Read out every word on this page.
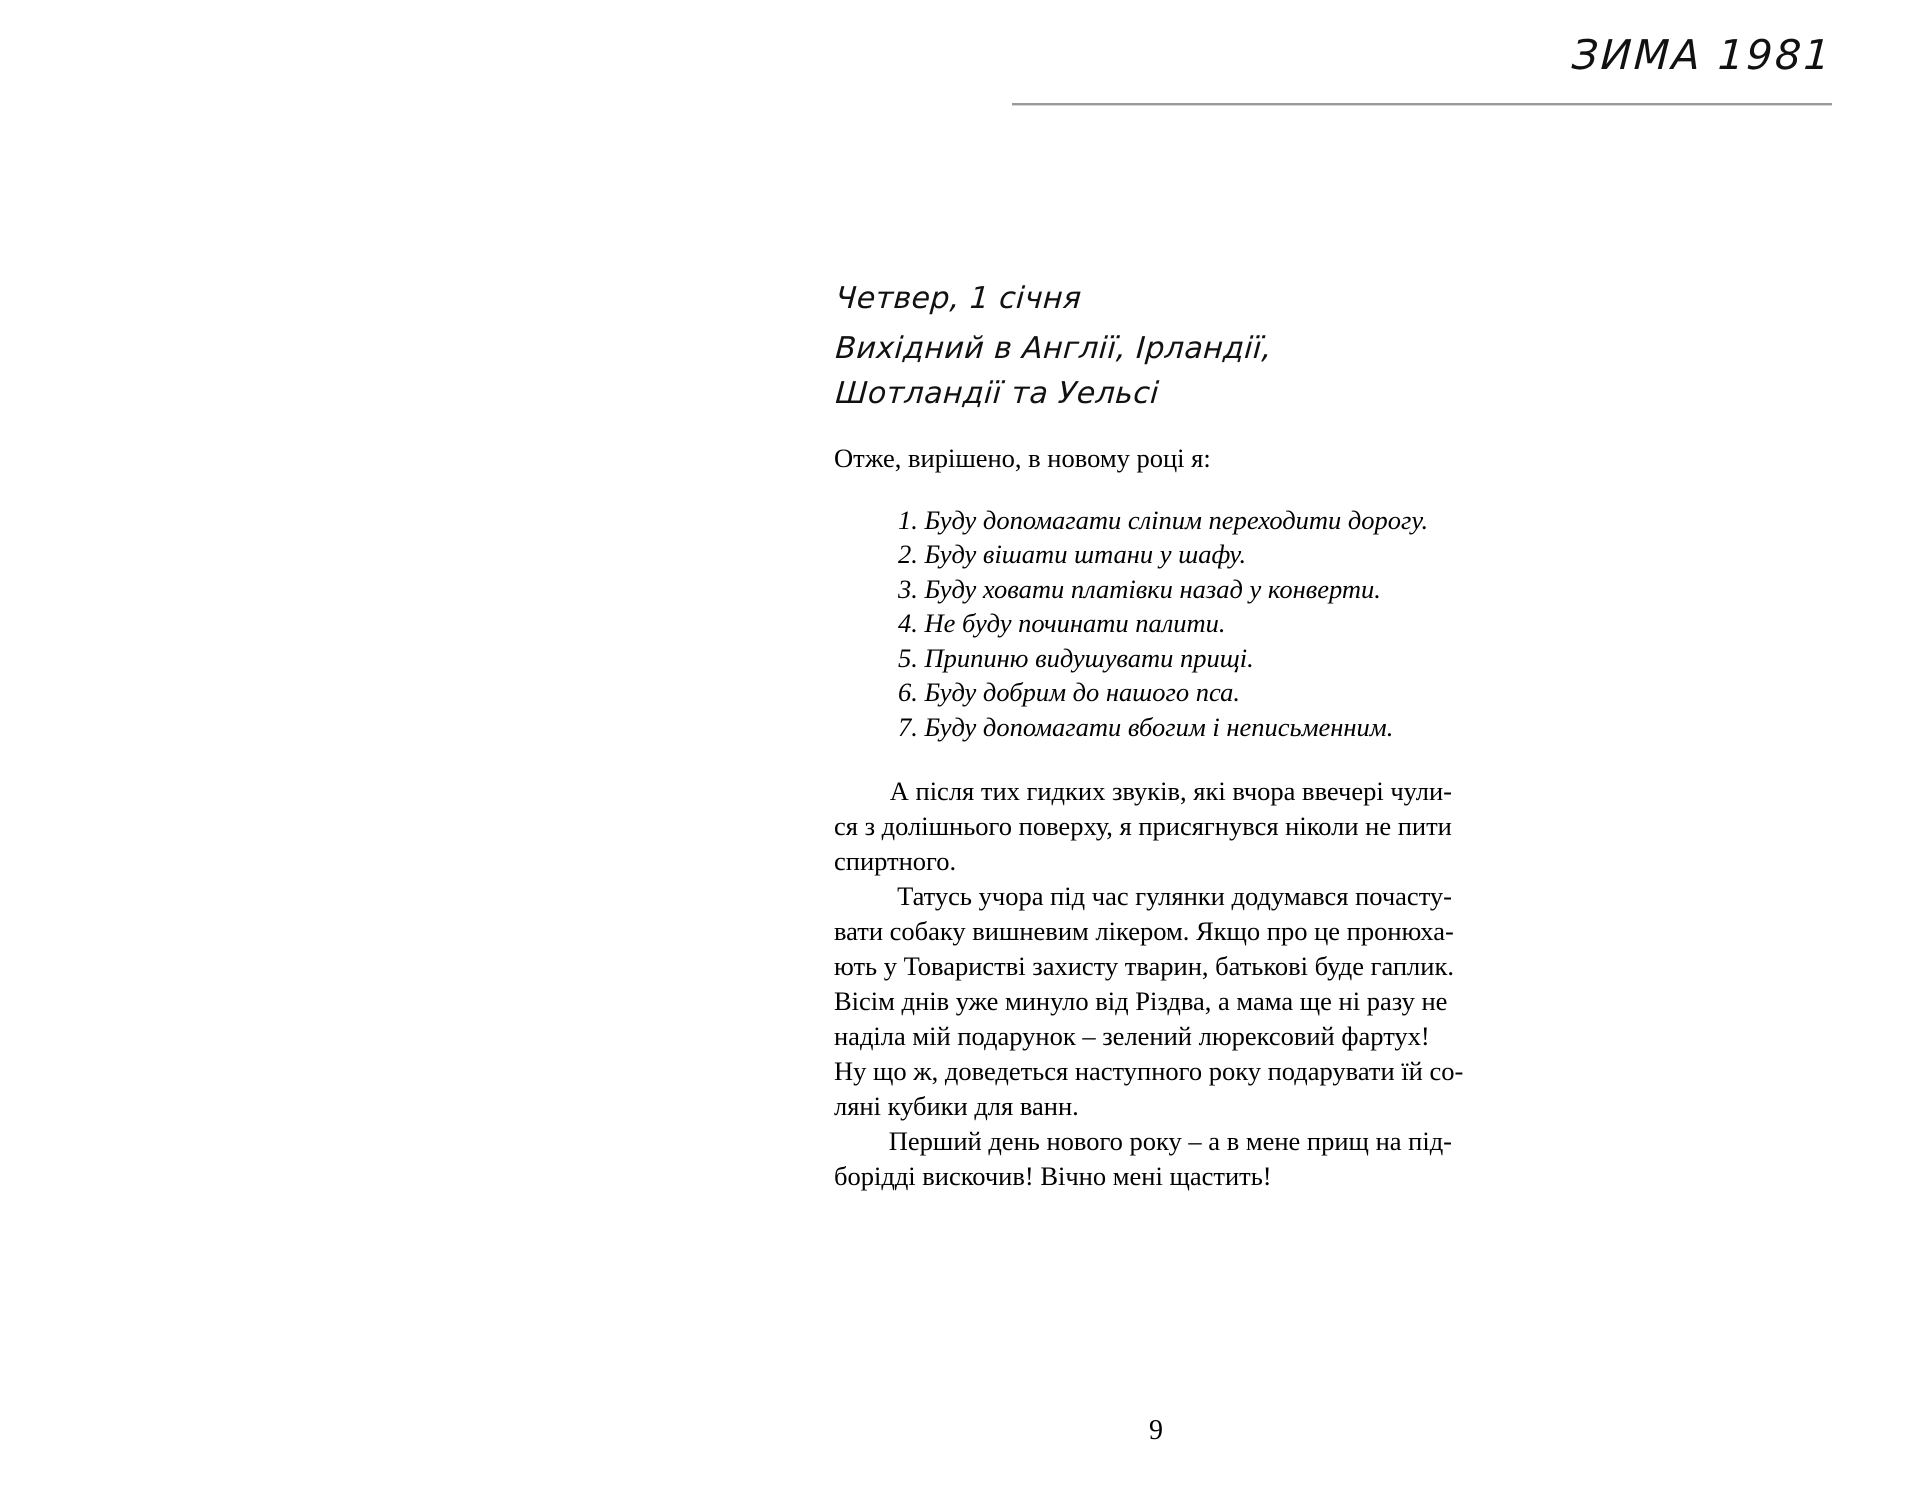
ЗИМА 1981
Четвер, 1 січня
Вихідний в Англії, Ірландії,
Шотландії та Уельсі

Отже, вирішено, в новому році я:

1. Буду допомагати сліпим переходити дорогу.
2. Буду вішати штани у шафу.
3. Буду ховати платівки назад у конверти.
4. Не буду починати палити.
5. Припиню видушувати прищі.
6. Буду добрим до нашого пса.
7. Буду допомагати вбогим і неписьменним.

А після тих гидких звуків, які вчора ввечері чули-
ся з долішнього поверху, я присягнувся ніколи не пити
спиртного.

Татусь учора під час гулянки додумався почасту-
вати собаку вишневим лікером. Якщо про це пронюха-
ють у Товаристві захисту тварин, батькові буде гаплик.
Вісім днів уже минуло від Різдва, а мама ще ні разу не
наділа мій подарунок – зелений люрексовий фартух!
Ну що ж, доведеться наступного року подарувати їй со-
ляні кубики для ванн.

Перший день нового року – а в мене прищ на під-
борідді вискочив! Вічно мені щастить!

9
